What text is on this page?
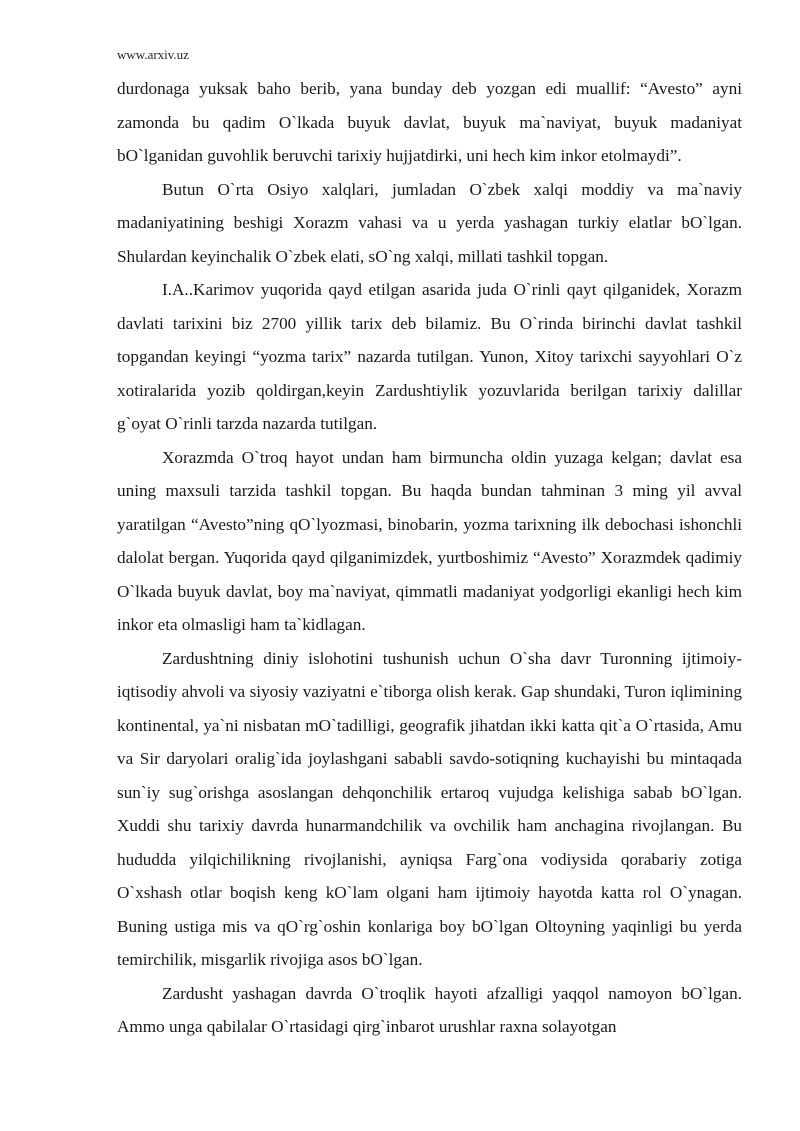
www.arxiv.uz

durdonaga yuksak baho berib, yana bunday deb yozgan edi muallif: “Avesto” ayni zamonda bu qadim O`lkada buyuk davlat, buyuk ma`naviyat, buyuk madaniyat bO`lganidan guvohlik beruvchi tarixiy hujjatdirki, uni hech kim inkor etolmaydi”.

Butun O`rta Osiyo xalqlari, jumladan O`zbek xalqi moddiy va ma`naviy madaniyatining beshigi Xorazm vahasi va u yerda yashagan turkiy elatlar bO`lgan. Shulardan keyinchalik O`zbek elati, sO`ng xalqi, millati tashkil topgan.

I.A..Karimov yuqorida qayd etilgan asarida juda O`rinli qayt qilganidek, Xorazm davlati tarixini biz 2700 yillik tarix deb bilamiz. Bu O`rinda birinchi davlat tashkil topgandan keyingi “yozma tarix” nazarda tutilgan. Yunon, Xitoy tarixchi sayyohlari O`z xotiralarida yozib qoldirgan,keyin Zardushtiylik yozuvlarida berilgan tarixiy dalillar g`oyat O`rinli tarzda nazarda tutilgan.

Xorazmda O`troq hayot undan ham birmuncha oldin yuzaga kelgan; davlat esa uning maxsuli tarzida tashkil topgan. Bu haqda bundan tahminan 3 ming yil avval yaratilgan “Avesto”ning qO`lyozmasi, binobarin, yozma tarixning ilk debochasi ishonchli dalolat bergan. Yuqorida qayd qilganimizdek, yurtboshimiz “Avesto” Xorazmdek qadimiy O`lkada buyuk davlat, boy ma`naviyat, qimmatli madaniyat yodgorligi ekanligi hech kim inkor eta olmasligi ham ta`kidlagan.

Zardushtning diniy islohotini tushunish uchun O`sha davr Turonning ijtimoiy-iqtisodiy ahvoli va siyosiy vaziyatni e`tiborga olish kerak. Gap shundaki, Turon iqlimining kontinental, ya`ni nisbatan mO`tadilligi, geografik jihatdan ikki katta qit`a O`rtasida, Amu va Sir daryolari oralig`ida joylashgani sababli savdo-sotiqning kuchayishi bu mintaqada sun`iy sug`orishga asoslangan dehqonchilik ertaroq vujudga kelishiga sabab bO`lgan. Xuddi shu tarixiy davrda hunarmandchilik va ovchilik ham anchagina rivojlangan. Bu hududda yilqichilikning rivojlanishi, ayniqsa Farg`ona vodiysida qorabariy zotiga O`xshash otlar boqish keng kO`lam olgani ham ijtimoiy hayotda katta rol O`ynagan. Buning ustiga mis va qO`rg`oshin konlariga boy bO`lgan Oltoyning yaqinligi bu yerda temirchilik, misgarlik rivojiga asos bO`lgan.

Zardusht yashagan davrda O`troqlik hayoti afzalligi yaqqol namoyon bO`lgan. Ammo unga qabilalar O`rtasidagi qirg`inbarot urushlar raxna solayotgan
